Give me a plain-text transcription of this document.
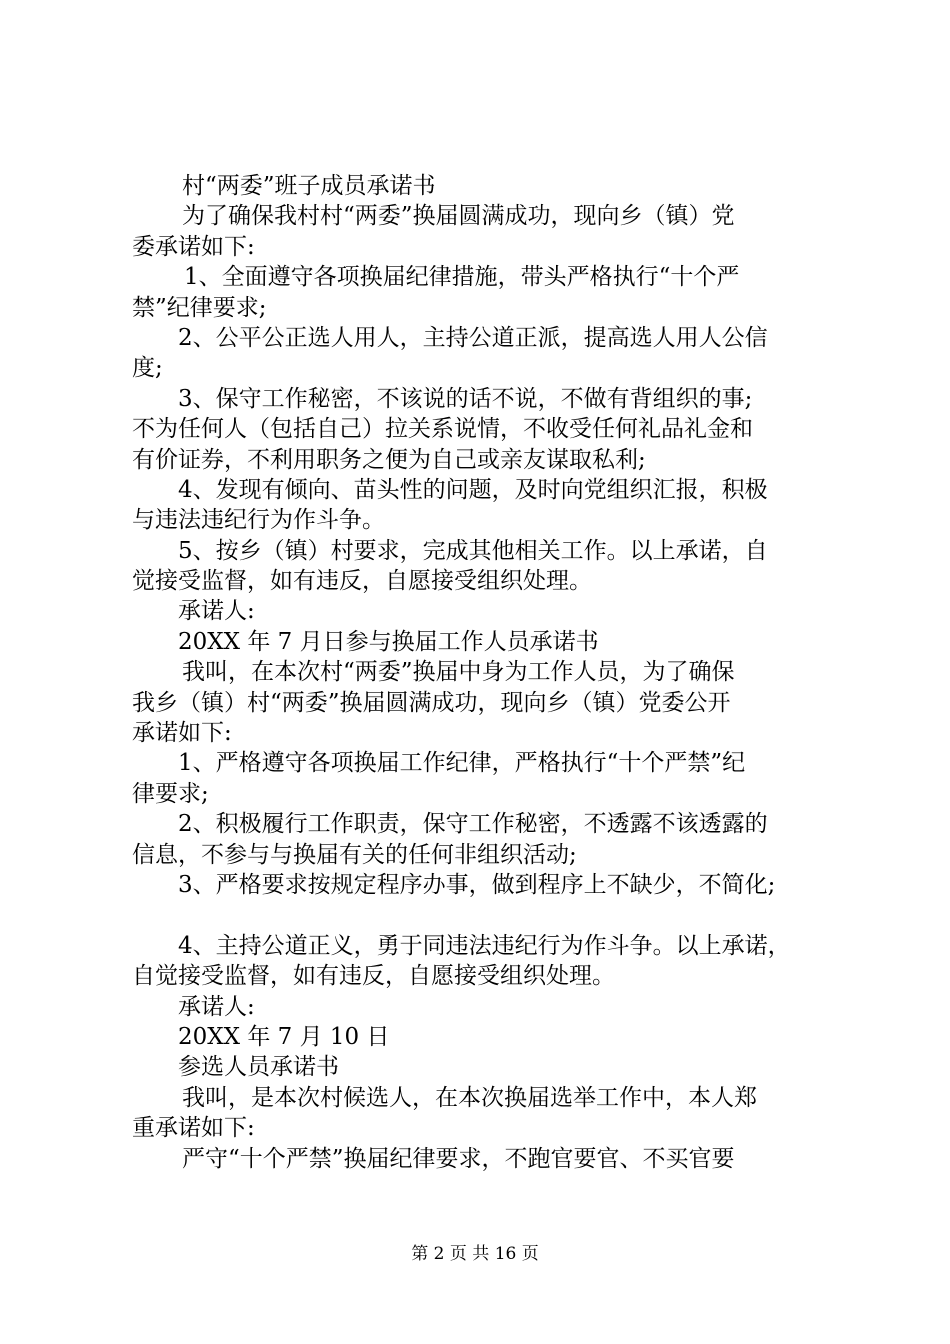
村“两委”班子成员承诺书
为了确保我村村“两委”换届圆满成功，现向乡（镇）党
委承诺如下:
1、全面遵守各项换届纪律措施，带头严格执行“十个严
禁”纪律要求;
2、公平公正选人用人，主持公道正派，提高选人用人公信
度;
3、保守工作秘密，不该说的话不说，不做有背组织的事;
不为任何人（包括自己）拉关系说情，不收受任何礼品礼金和
有价证券，不利用职务之便为自己或亲友谋取私利;
4、发现有倾向、苗头性的问题，及时向党组织汇报，积极
与违法违纪行为作斗争。
5、按乡（镇）村要求，完成其他相关工作。以上承诺，自
觉接受监督，如有违反，自愿接受组织处理。
承诺人:
20XX 年 7 月日参与换届工作人员承诺书
我叫，在本次村“两委”换届中身为工作人员，为了确保
我乡（镇）村“两委”换届圆满成功，现向乡（镇）党委公开
承诺如下:
1、严格遵守各项换届工作纪律，严格执行“十个严禁”纪
律要求;
2、积极履行工作职责，保守工作秘密，不透露不该透露的
信息，不参与与换届有关的任何非组织活动;
3、严格要求按规定程序办事，做到程序上不缺少，不简化;
4、主持公道正义，勇于同违法违纪行为作斗争。以上承诺，
自觉接受监督，如有违反，自愿接受组织处理。
承诺人:
20XX 年 7 月 10 日
参选人员承诺书
我叫，是本次村候选人，在本次换届选举工作中，本人郑
重承诺如下:
严守“十个严禁”换届纪律要求，不跑官要官、不买官要
第 2 页 共 16 页
